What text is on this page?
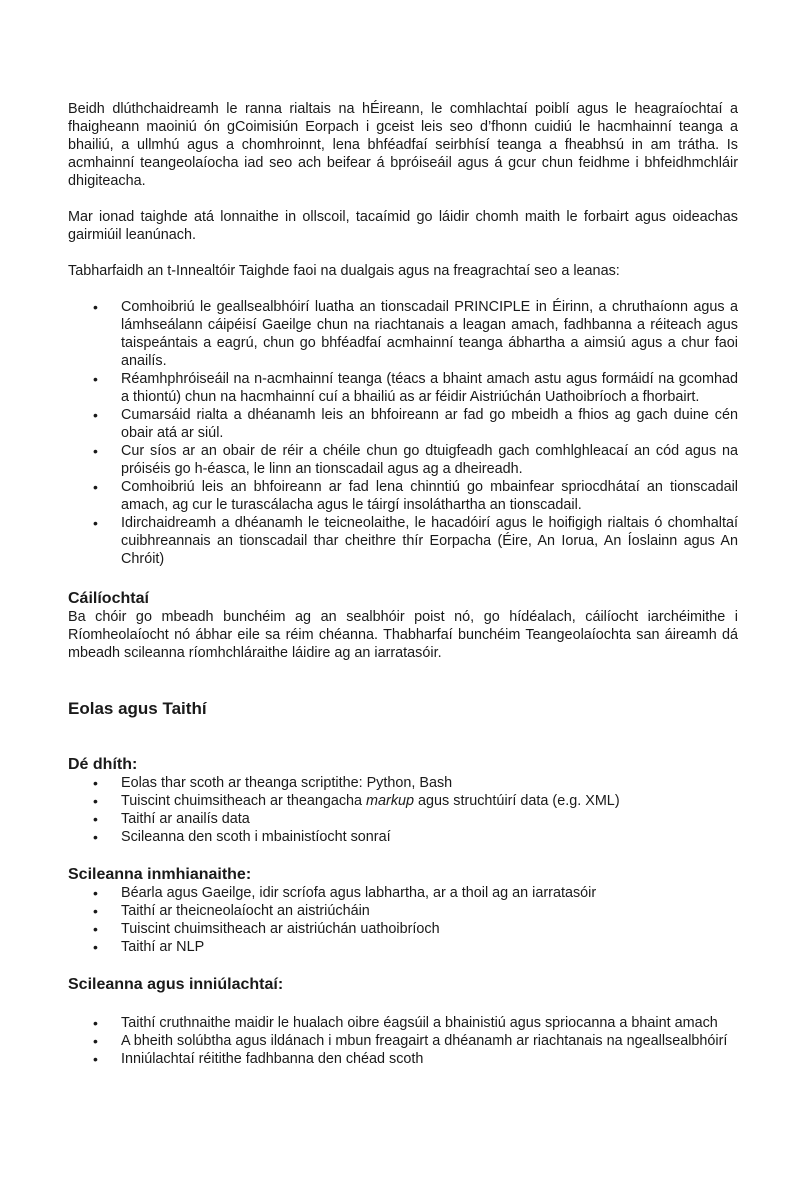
Beidh dlúthchaidreamh le ranna rialtais na hÉireann, le comhlachtaí poiblí agus le heagraíochtaí a fhaigheann maoiniú ón gCoimisiún Eorpach i gceist leis seo d’fhonn cuidiú le hacmhainní teanga a bhailiú, a ullmhú agus a chomhroinnt, lena bhféadfaí seirbhísí teanga a fheabhsú in am trátha. Is acmhainní teangeolaíocha iad seo ach beifear á bpróiseáil agus á gcur chun feidhme i bhfeidhmchláir dhigiteacha.

Mar ionad taighde atá lonnaithe in ollscoil, tacaímid go láidir chomh maith le forbairt agus oideachas gairmiúil leanúnach.

Tabharfaidh an t-Innealtóir Taighde faoi na dualgais agus na freagrachtaí seo a leanas:

• Comhoibriú le geallsealbhóirí luatha an tionscadail PRINCIPLE in Éirinn, a chruthaíonn agus a lámhseálann cáipéisí Gaeilge chun na riachtanais a leagan amach, fadhbanna a réiteach agus taispeántais a eagrú, chun go bhféadfaí acmhainní teanga ábhartha a aimsiú agus a chur faoi anailís.
• Réamhphróiseáil na n-acmhainní teanga (téacs a bhaint amach astu agus formáidí na gcomhad a thiontú) chun na hacmhainní cuí a bhailiú as ar féidir Aistriúchán Uathoibríoch a fhorbairt.
• Cumarsáid rialta a dhéanamh leis an bhfoireann ar fad go mbeidh a fhios ag gach duine cén obair atá ar siúl.
• Cur síos ar an obair de réir a chéile chun go dtuigfeadh gach comhlghleacaí an cód agus na próiséis go h-éasca, le linn an tionscadail agus ag a dheireadh.
• Comhoibriú leis an bhfoireann ar fad lena chinntiú go mbainfear spriocdhátaí an tionscadail amach, ag cur le turascálacha agus le táirgí insoláthartha an tionscadail.
• Idirchaidreamh a dhéanamh le teicneolaithe, le hacadóirí agus le hoifigigh rialtais ó chomhaltaí cuibhreannais an tionscadail thar cheithre thír Eorpacha (Éire, An Iorua, An Íoslainn agus An Chróit)
Cáilíochtaí

Ba chóir go mbeadh bunchéim ag an sealbhóir poist nó, go hídéalach, cáilíocht iarchéimithe i Ríomheolaíocht nó ábhar eile sa réim chéanna. Thabharfaí bunchéim Teangeolaíochta san áireamh dá mbeadh scileanna ríomhchláraithe láidire ag an iarratasóir.

Eolas agus Taithí
Dé dhíth:
• Eolas thar scoth ar theanga scriptithe: Python, Bash
• Tuiscint chuimsitheach ar theangacha markup agus struchtúirí data (e.g. XML)
• Taithí ar anailís data
• Scileanna den scoth i mbainistíocht sonraí
Scileanna inmhianaithe:
• Béarla agus Gaeilge, idir scríofa agus labhartha, ar a thoil ag an iarratasóir
• Taithí ar theicneolaíocht an aistriúcháin
• Tuiscint chuimsitheach ar aistriúchán uathoibríoch
• Taithí ar NLP
Scileanna agus inniúlachtaí:
• Taithí cruthnaithe maidir le hualach oibre éagsúil a bhainistiú agus spriocanna a bhaint amach
• A bheith solúbtha agus ildánach i mbun freagairt a dhéanamh ar riachtanais na ngeallsealbhóirí
• Inniúlachtaí réitithe fadhbanna den chéad scoth
